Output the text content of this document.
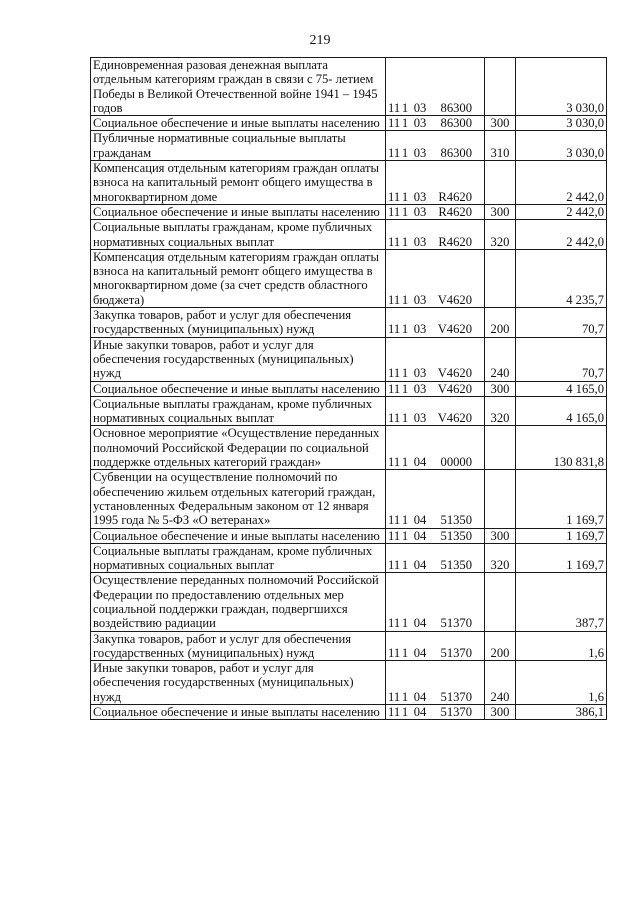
219
Единовременная разовая денежная выплата отдельным категориям граждан в связи с 75- летием Победы в Великой Отечественной войне 1941 – 1945 годов	11 1 03 86300		3 030,0
Социальное обеспечение и иные выплаты населению	11 1 03 86300	300	3 030,0
Публичные нормативные социальные выплаты гражданам	11 1 03 86300	310	3 030,0
Компенсация отдельным категориям граждан оплаты взноса на капитальный ремонт общего имущества в многоквартирном доме	11 1 03 R4620		2 442,0
Социальное обеспечение и иные выплаты населению	11 1 03 R4620	300	2 442,0
Социальные выплаты гражданам, кроме публичных нормативных социальных выплат	11 1 03 R4620	320	2 442,0
Компенсация отдельным категориям граждан оплаты взноса на капитальный ремонт общего имущества в многоквартирном доме (за счет средств областного бюджета)	11 1 03 V4620		4 235,7
Закупка товаров, работ и услуг для обеспечения государственных (муниципальных) нужд	11 1 03 V4620	200	70,7
Иные закупки товаров, работ и услуг для обеспечения государственных (муниципальных) нужд	11 1 03 V4620	240	70,7
Социальное обеспечение и иные выплаты населению	11 1 03 V4620	300	4 165,0
Социальные выплаты гражданам, кроме публичных нормативных социальных выплат	11 1 03 V4620	320	4 165,0
Основное мероприятие «Осуществление переданных полномочий Российской Федерации по социальной поддержке отдельных категорий граждан»	11 1 04 00000		130 831,8
Субвенции на осуществление полномочий по обеспечению жильем отдельных категорий граждан, установленных Федеральным законом от 12 января 1995 года № 5-ФЗ «О ветеранах»	11 1 04 51350		1 169,7
Социальное обеспечение и иные выплаты населению	11 1 04 51350	300	1 169,7
Социальные выплаты гражданам, кроме публичных нормативных социальных выплат	11 1 04 51350	320	1 169,7
Осуществление переданных полномочий Российской Федерации по предоставлению отдельных мер социальной поддержки граждан, подвергшихся воздействию радиации	11 1 04 51370		387,7
Закупка товаров, работ и услуг для обеспечения государственных (муниципальных) нужд	11 1 04 51370	200	1,6
Иные закупки товаров, работ и услуг для обеспечения государственных (муниципальных) нужд	11 1 04 51370	240	1,6
Социальное обеспечение и иные выплаты населению	11 1 04 51370	300	386,1
